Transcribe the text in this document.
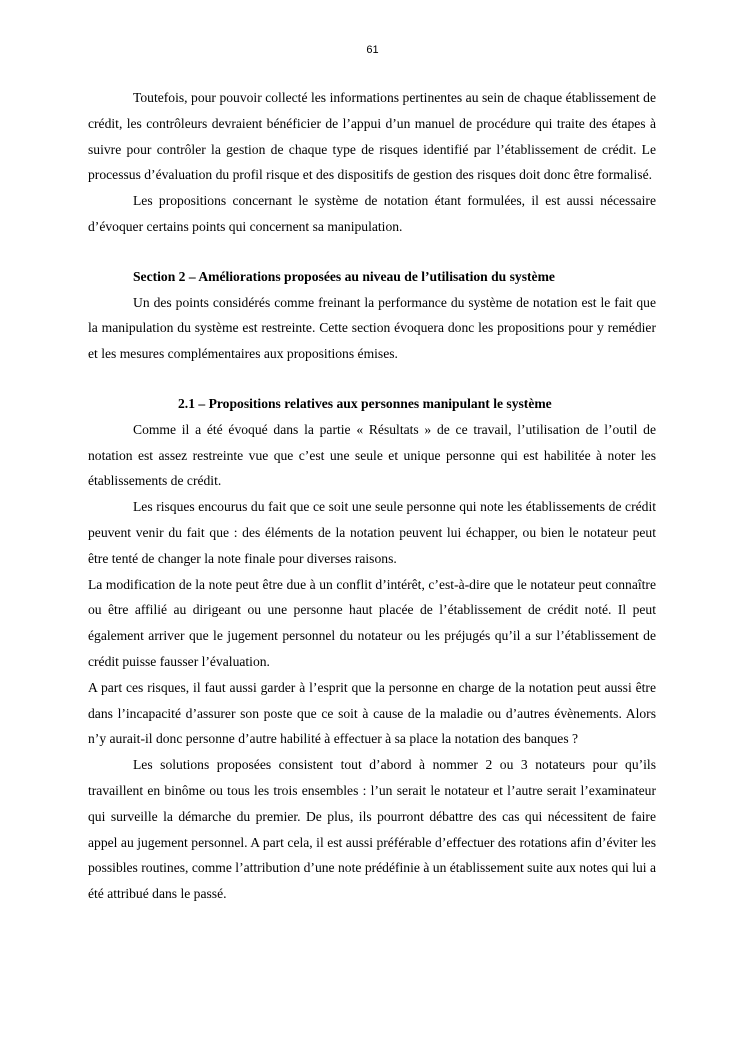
61

Toutefois, pour pouvoir collecté les informations pertinentes au sein de chaque établissement de crédit, les contrôleurs devraient bénéficier de l’appui d’un manuel de procédure qui traite des étapes à suivre pour contrôler la gestion de chaque type de risques identifié par l’établissement de crédit. Le processus d’évaluation du profil risque et des dispositifs de gestion des risques doit donc être formalisé.

Les propositions concernant le système de notation étant formulées, il est aussi nécessaire d’évoquer certains points qui concernent sa manipulation.

Section 2 – Améliorations proposées au niveau de l’utilisation du système

Un des points considérés comme freinant la performance du système de notation est le fait que la manipulation du système est restreinte. Cette section évoquera donc les propositions pour y remédier et les mesures complémentaires aux propositions émises.

2.1 – Propositions relatives aux personnes manipulant le système

Comme il a été évoqué dans la partie « Résultats » de ce travail, l’utilisation de l’outil de notation est assez restreinte vue que c’est une seule et unique personne qui est habilitée à noter les établissements de crédit.

Les risques encourus du fait que ce soit une seule personne qui note les établissements de crédit peuvent venir du fait que : des éléments de la notation peuvent lui échapper, ou bien le notateur peut être tenté de changer la note finale pour diverses raisons.

La modification de la note peut être due à un conflit d’intérêt, c’est-à-dire que le notateur peut connaître ou être affilié au dirigeant ou une personne haut placée de l’établissement de crédit noté. Il peut également arriver que le jugement personnel du notateur ou les préjugés qu’il a sur l’établissement de crédit puisse fausser l’évaluation.

A part ces risques, il faut aussi garder à l’esprit que la personne en charge de la notation peut aussi être dans l’incapacité d’assurer son poste que ce soit à cause de la maladie ou d’autres évènements. Alors n’y aurait-il donc personne d’autre habilité à effectuer à sa place la notation des banques ?

Les solutions proposées consistent tout d’abord à nommer 2 ou 3 notateurs pour qu’ils travaillent en binôme ou tous les trois ensembles : l’un serait le notateur et l’autre serait l’examinateur qui surveille la démarche du premier. De plus, ils pourront débattre des cas qui nécessitent de faire appel au jugement personnel. A part cela, il est aussi préférable d’effectuer des rotations afin d’éviter les possibles routines, comme l’attribution d’une note prédéfinie à un établissement suite aux notes qui lui a été attribué dans le passé.
